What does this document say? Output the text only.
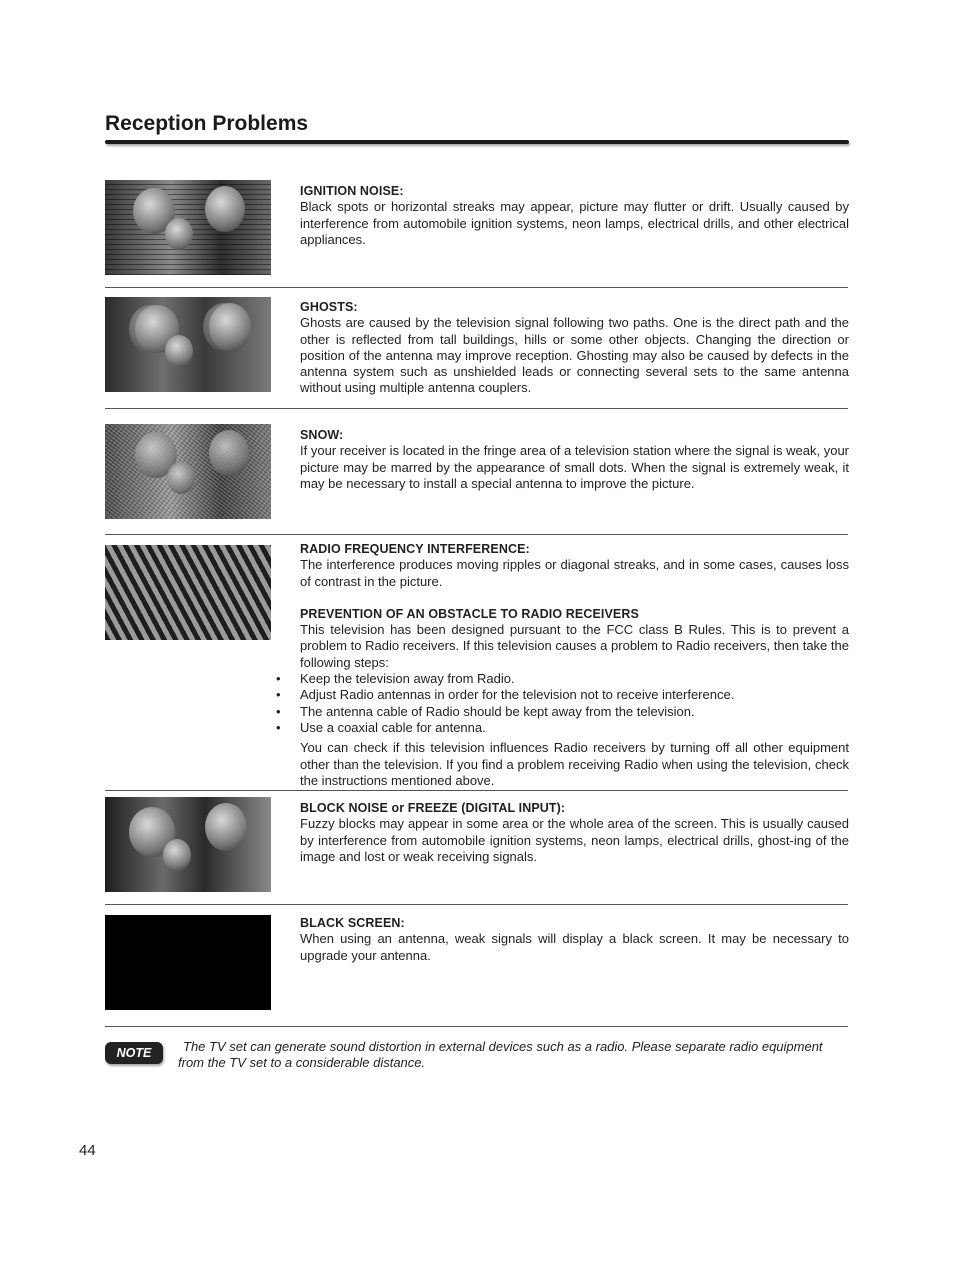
Reception Problems

IGNITION NOISE:

Black spots or horizontal streaks may appear, picture may flutter or drift. Usually caused by interference from automobile ignition systems, neon lamps, electrical drills, and other electrical appliances.

GHOSTS:

Ghosts are caused by the television signal following two paths. One is the direct path and the other is reflected from tall buildings, hills or some other objects. Changing the direction or position of the antenna may improve reception. Ghosting may also be caused by defects in the antenna system such as unshielded leads or connecting several sets to the same antenna without using multiple antenna couplers.

SNOW:

If your receiver is located in the fringe area of a television station where the signal is weak, your picture may be marred by the appearance of small dots. When the signal is extremely weak, it may be necessary to install a special antenna to improve the picture.

RADIO FREQUENCY INTERFERENCE:

The interference produces moving ripples or diagonal streaks, and in some cases, causes loss of contrast in the picture.

PREVENTION OF AN OBSTACLE TO RADIO RECEIVERS

This television has been designed pursuant to the FCC class B Rules. This is to prevent a problem to Radio receivers. If this television causes a problem to Radio receivers, then take the following steps:

• Keep the television away from Radio.
• Adjust Radio antennas in order for the television not to receive interference.
• The antenna cable of Radio should be kept away from the television.
• Use a coaxial cable for antenna.

You can check if this television influences Radio receivers by turning off all other equipment other than the television. If you find a problem receiving Radio when using the television, check the instructions mentioned above.

BLOCK NOISE or FREEZE (DIGITAL INPUT):

Fuzzy blocks may appear in some area or the whole area of the screen. This is usually caused by interference from automobile ignition systems, neon lamps, electrical drills, ghost-ing of the image and lost or weak receiving signals.

BLACK SCREEN:

When using an antenna, weak signals will display a black screen. It may be necessary to upgrade your antenna.

NOTE	The TV set can generate sound distortion in external devices such as a radio. Please separate radio equipment from the TV set to a considerable distance.
44
